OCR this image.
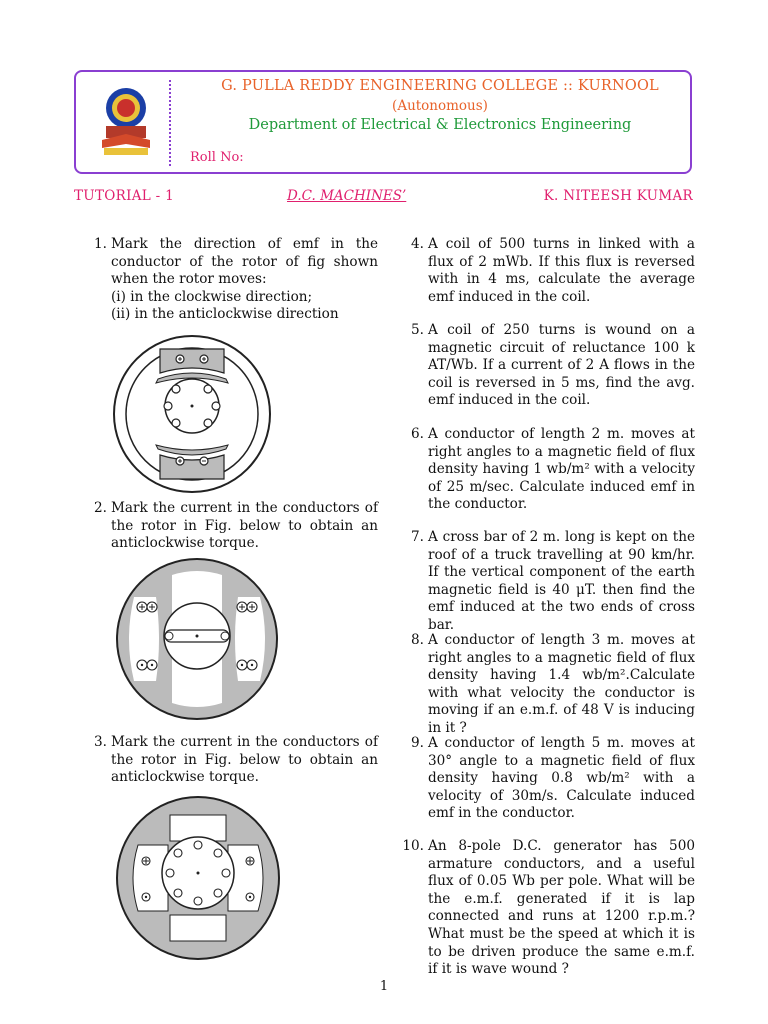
G. PULLA REDDY ENGINEERING COLLEGE :: KURNOOL
(Autonomous)
Department of Electrical & Electronics Engineering
Roll No:
TUTORIAL - 1	D.C. MACHINES’	K. NITEESH KUMAR
1. Mark the direction of emf in the conductor of the rotor of fig shown when the rotor moves:

(i) in the clockwise direction;

(ii) in the anticlockwise direction

2. Mark the current in the conductors of the rotor in Fig. below to obtain an anticlockwise torque.

3. Mark the current in the conductors of the rotor in Fig. below to obtain an anticlockwise torque.

4. A coil of 500 turns in linked with a flux of 2 mWb. If this flux is reversed with in 4 ms, calculate the average emf induced in the coil.

5. A coil of 250 turns is wound on a magnetic circuit of reluctance 100 k AT/Wb. If a current of 2 A flows in the coil is reversed in 5 ms, find the avg. emf induced in the coil.

6. A conductor of length 2 m. moves at right angles to a magnetic field of flux density having 1 wb/m² with a velocity of 25 m/sec. Calculate induced emf in the conductor.

7. A cross bar of 2 m. long is kept on the roof of a truck travelling at 90 km/hr. If the vertical component of the earth magnetic field is 40 μT. then find the emf induced at the two ends of cross bar.

8. A conductor of length 3 m. moves at right angles to a magnetic field of flux density having 1.4 wb/m².Calculate with what velocity the conductor is moving if an e.m.f. of 48 V is inducing in it ?

9. A conductor of length 5 m. moves at 30° angle to a magnetic field of flux density having 0.8 wb/m² with a velocity of 30m/s. Calculate induced emf in the conductor.

10. An 8-pole D.C. generator has 500 armature conductors, and a useful flux of 0.05 Wb per pole. What will be the e.m.f. generated if it is lap connected and runs at 1200 r.p.m.? What must be the speed at which it is to be driven produce the same e.m.f. if it is wave wound ?

1
